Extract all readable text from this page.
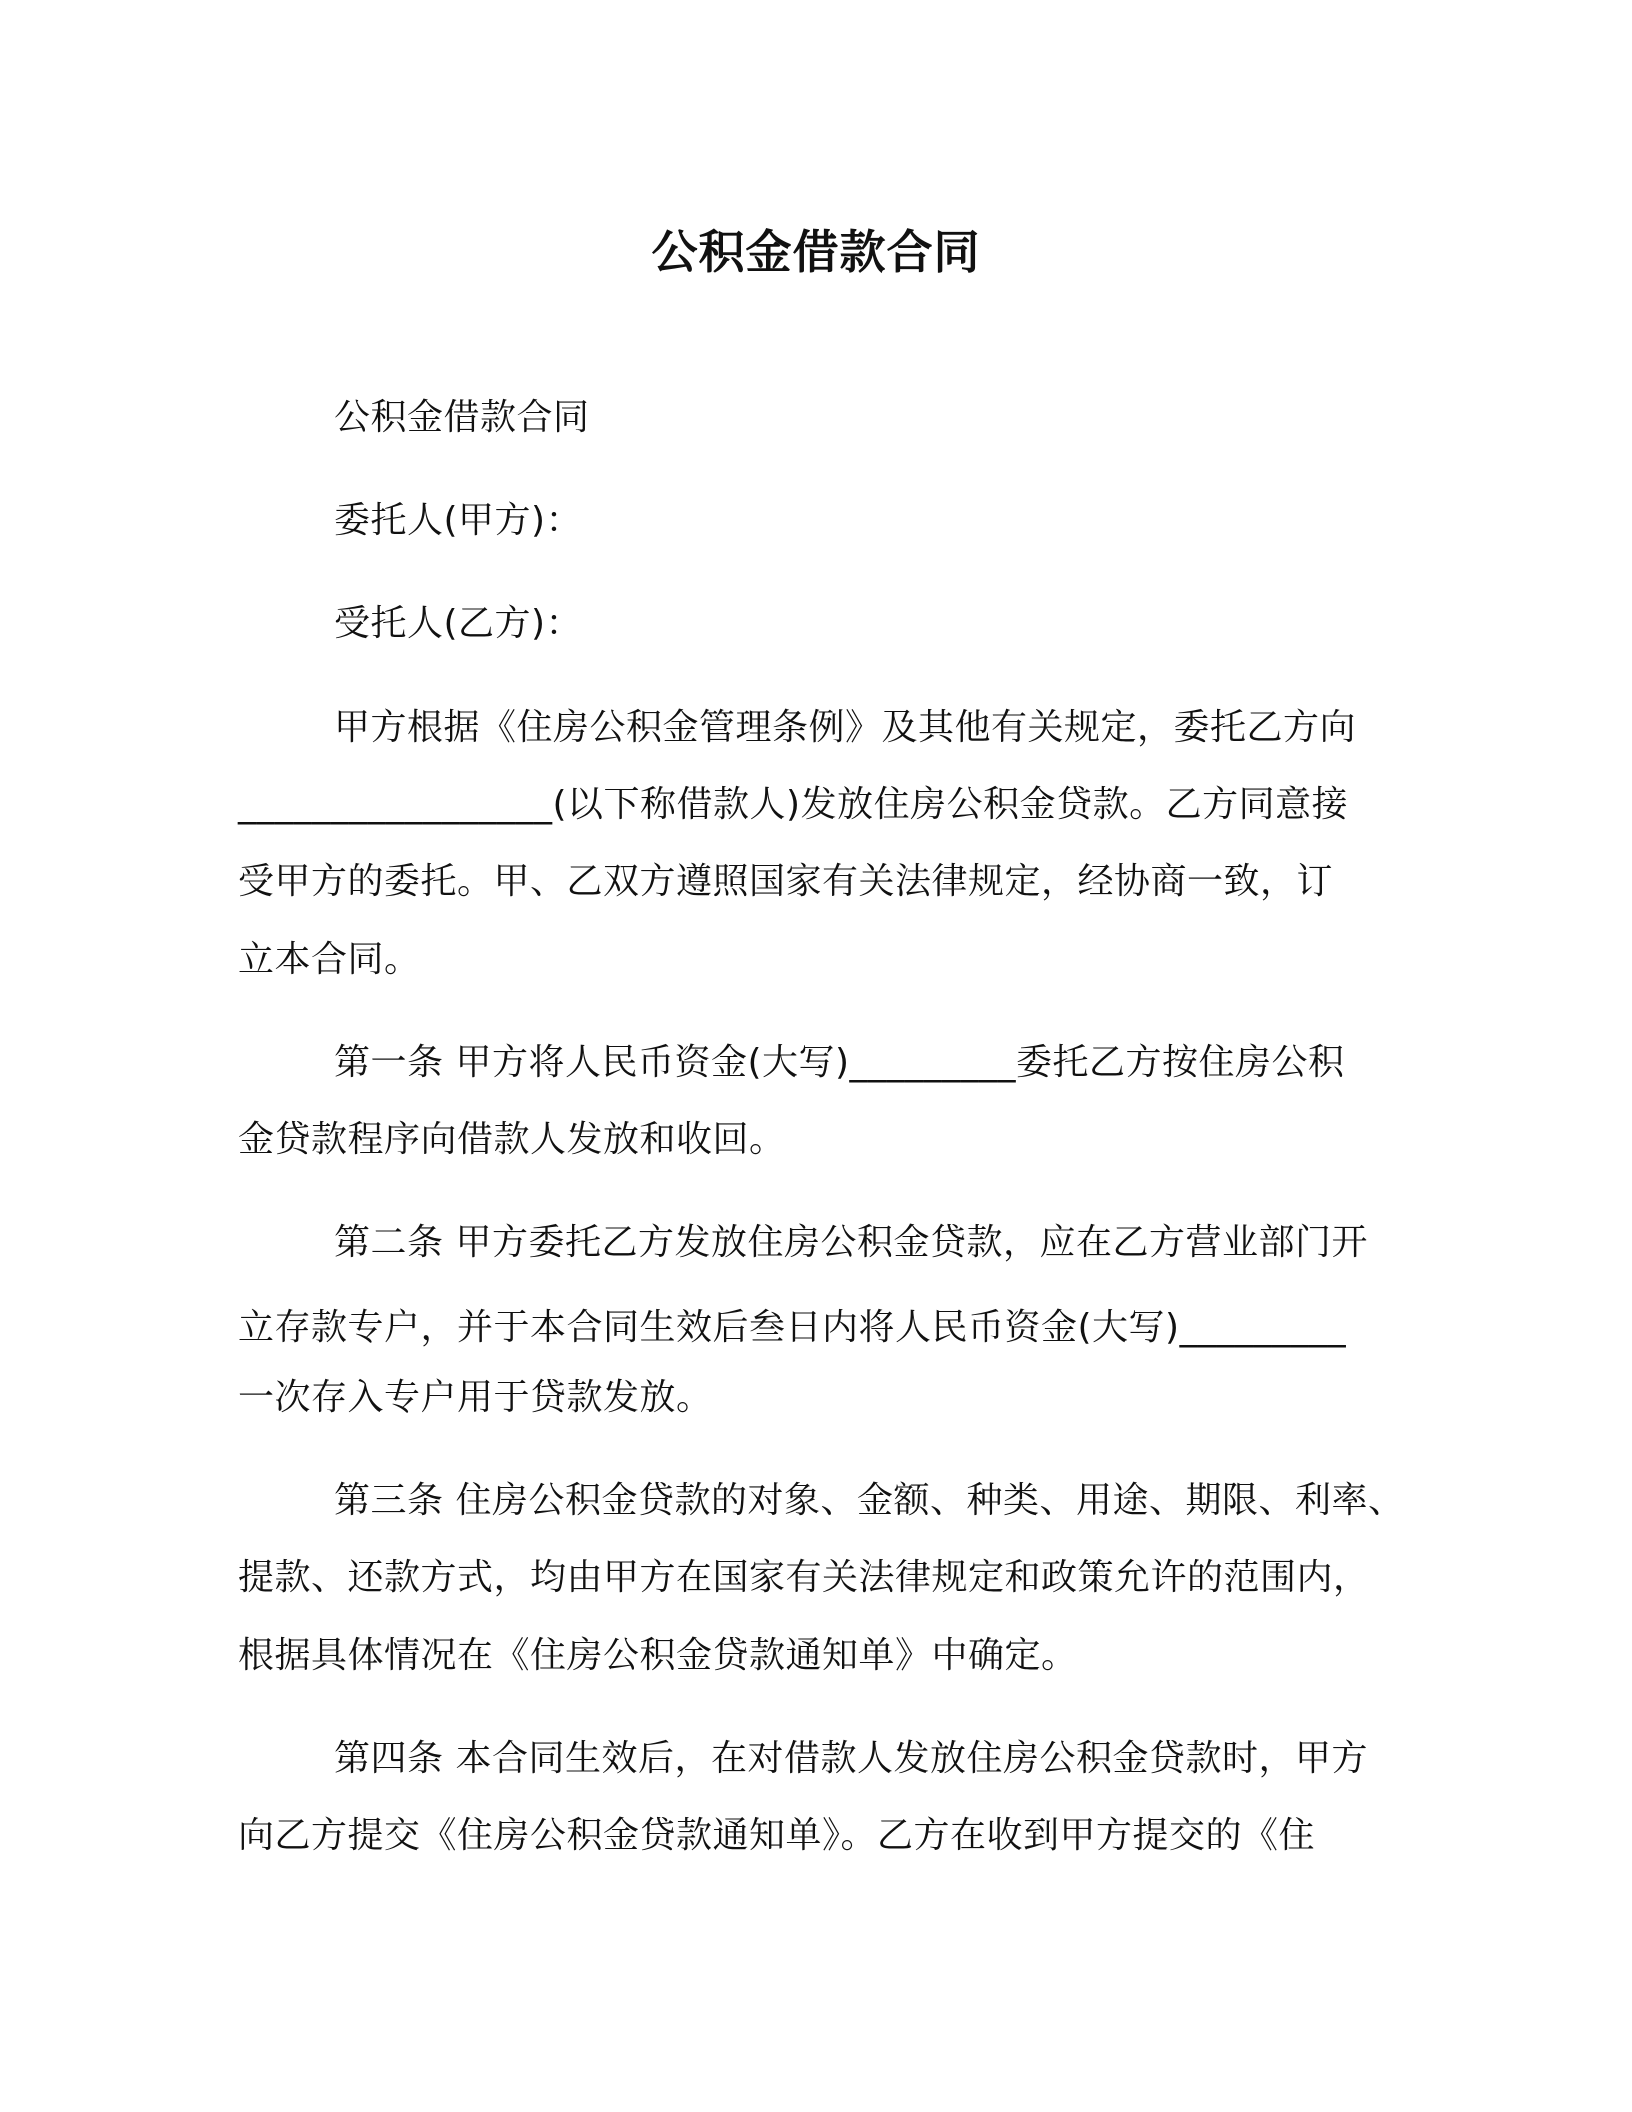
公积金借款合同
公积金借款合同
委托人(甲方)：
受托人(乙方)：
甲方根据《住房公积金管理条例》及其他有关规定，委托乙方向
_________________(以下称借款人)发放住房公积金贷款。乙方同意接
受甲方的委托。甲、乙双方遵照国家有关法律规定，经协商一致，订
立本合同。
第一条 甲方将人民币资金(大写)_________委托乙方按住房公积
金贷款程序向借款人发放和收回。
第二条 甲方委托乙方发放住房公积金贷款，应在乙方营业部门开
立存款专户，并于本合同生效后叁日内将人民币资金(大写)_________
一次存入专户用于贷款发放。
第三条 住房公积金贷款的对象、金额、种类、用途、期限、利率、
提款、还款方式，均由甲方在国家有关法律规定和政策允许的范围内，
根据具体情况在《住房公积金贷款通知单》中确定。
第四条 本合同生效后，在对借款人发放住房公积金贷款时，甲方
向乙方提交《住房公积金贷款通知单》。乙方在收到甲方提交的《住
